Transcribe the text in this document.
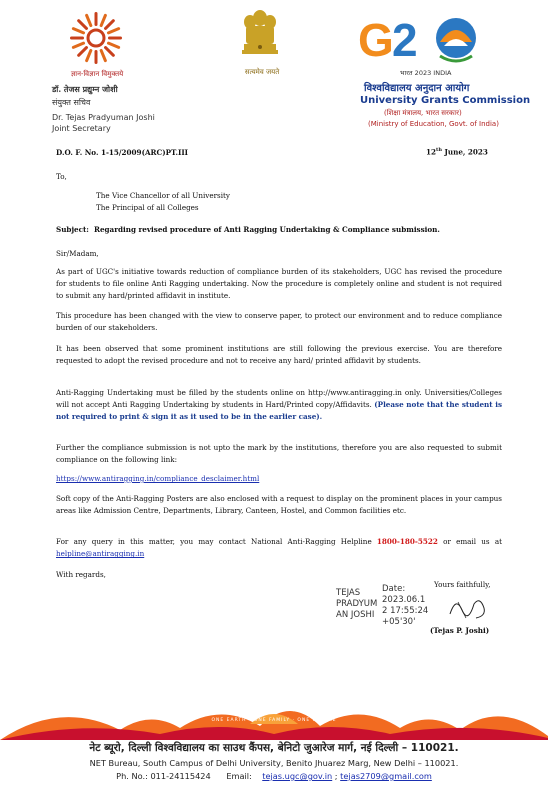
ज्ञान-विज्ञान विमुक्तये
डॉ. तेजस प्रद्युम्न जोशी
संयुक्त सचिव
Dr. Tejas Pradyuman Joshi
Joint Secretary
सत्यमेव जयते
G
2
भारत 2023 INDIA
विश्वविद्यालय अनुदान आयोग
University Grants Commission
(शिक्षा मंत्रालय, भारत सरकार)
(Ministry of Education, Govt. of India)
D.O. F. No. 1-15/2009(ARC)PT.III	12th June, 2023
To,
The Vice Chancellor of all University
The Principal of all Colleges
Subject: Regarding revised procedure of Anti Ragging Undertaking & Compliance submission.
Sir/Madam,

As part of UGC's initiative towards reduction of compliance burden of its stakeholders, UGC has revised the procedure for students to file online Anti Ragging undertaking. Now the procedure is completely online and student is not required to submit any hard/printed affidavit in institute.

This procedure has been changed with the view to conserve paper, to protect our environment and to reduce compliance burden of our stakeholders.

It has been observed that some prominent institutions are still following the previous exercise. You are therefore requested to adopt the revised procedure and not to receive any hard/ printed affidavit by students.

Anti-Ragging Undertaking must be filled by the students online on http://www.antiragging.in only. Universities/Colleges will not accept Anti Ragging Undertaking by students in Hard/Printed copy/Affidavits. (Please note that the student is not required to print & sign it as it used to be in the earlier case).

Further the compliance submission is not upto the mark by the institutions, therefore you are also requested to submit compliance on the following link:

https://www.antiragging.in/compliance_desclaimer.html

Soft copy of the Anti-Ragging Posters are also enclosed with a request to display on the prominent places in your campus areas like Admission Centre, Departments, Library, Canteen, Hostel, and Common facilities etc.

For any query in this matter, you may contact National Anti-Ragging Helpline 1800-180-5522 or email us at helpline@antiragging.in

With regards,
TEJAS
PRADYUM
AN JOSHI
Date:
2023.06.1
2 17:55:24
+05'30'
Yours faithfully,
(Tejas P. Joshi)
ONE EARTH · ONE FAMILY · ONE FUTURE
वसुधैव कुटुम्बकम्
नेट ब्यूरो, दिल्ली विश्वविद्यालय का साउथ कैंपस, बेनिटो जुआरेज मार्ग, नई दिल्ली – 110021.
NET Bureau, South Campus of Delhi University, Benito Jhuarez Marg, New Delhi – 110021.
Ph. No.: 011-24115424 Email: tejas.ugc@gov.in ; tejas2709@gmail.com
